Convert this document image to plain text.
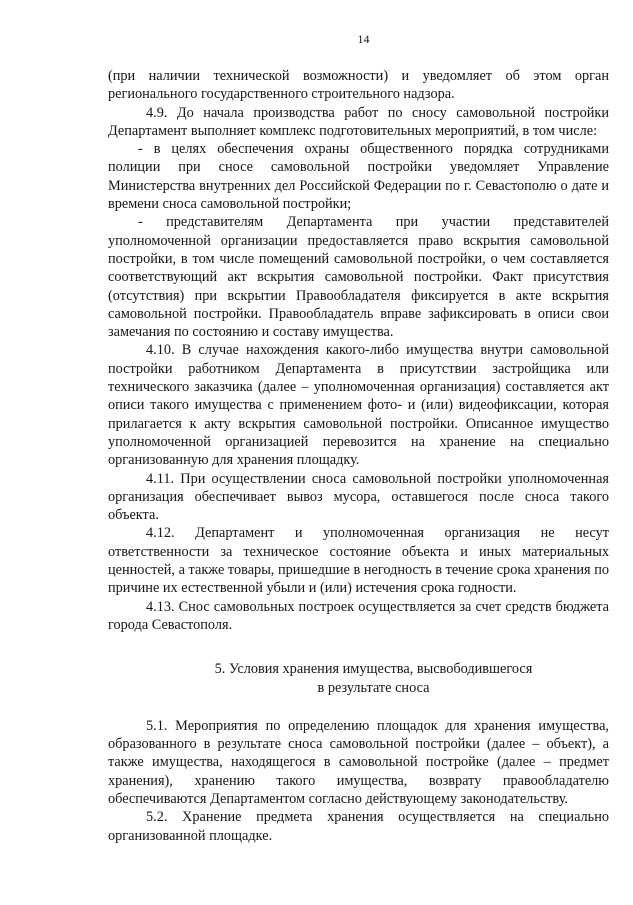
14

(при наличии технической возможности) и уведомляет об этом орган регионального государственного строительного надзора.

4.9. До начала производства работ по сносу самовольной постройки Департамент выполняет комплекс подготовительных мероприятий, в том числе:

- в целях обеспечения охраны общественного порядка сотрудниками полиции при сносе самовольной постройки уведомляет Управление Министерства внутренних дел Российской Федерации по г. Севастополю о дате и времени сноса самовольной постройки;

- представителям Департамента при участии представителей уполномоченной организации предоставляется право вскрытия самовольной постройки, в том числе помещений самовольной постройки, о чем составляется соответствующий акт вскрытия самовольной постройки. Факт присутствия (отсутствия) при вскрытии Правообладателя фиксируется в акте вскрытия самовольной постройки. Правообладатель вправе зафиксировать в описи свои замечания по состоянию и составу имущества.

4.10. В случае нахождения какого-либо имущества внутри самовольной постройки работником Департамента в присутствии застройщика или технического заказчика (далее – уполномоченная организация) составляется акт описи такого имущества с применением фото- и (или) видеофиксации, которая прилагается к акту вскрытия самовольной постройки. Описанное имущество уполномоченной организацией перевозится на хранение на специально организованную для хранения площадку.

4.11. При осуществлении сноса самовольной постройки уполномоченная организация обеспечивает вывоз мусора, оставшегося после сноса такого объекта.

4.12. Департамент и уполномоченная организация не несут ответственности за техническое состояние объекта и иных материальных ценностей, а также товары, пришедшие в негодность в течение срока хранения по причине их естественной убыли и (или) истечения срока годности.

4.13. Снос самовольных построек осуществляется за счет средств бюджета города Севастополя.

5. Условия хранения имущества, высвободившегося
в результате сноса

5.1. Мероприятия по определению площадок для хранения имущества, образованного в результате сноса самовольной постройки (далее – объект), а также имущества, находящегося в самовольной постройке (далее – предмет хранения), хранению такого имущества, возврату правообладателю обеспечиваются Департаментом согласно действующему законодательству.

5.2. Хранение предмета хранения осуществляется на специально организованной площадке.
